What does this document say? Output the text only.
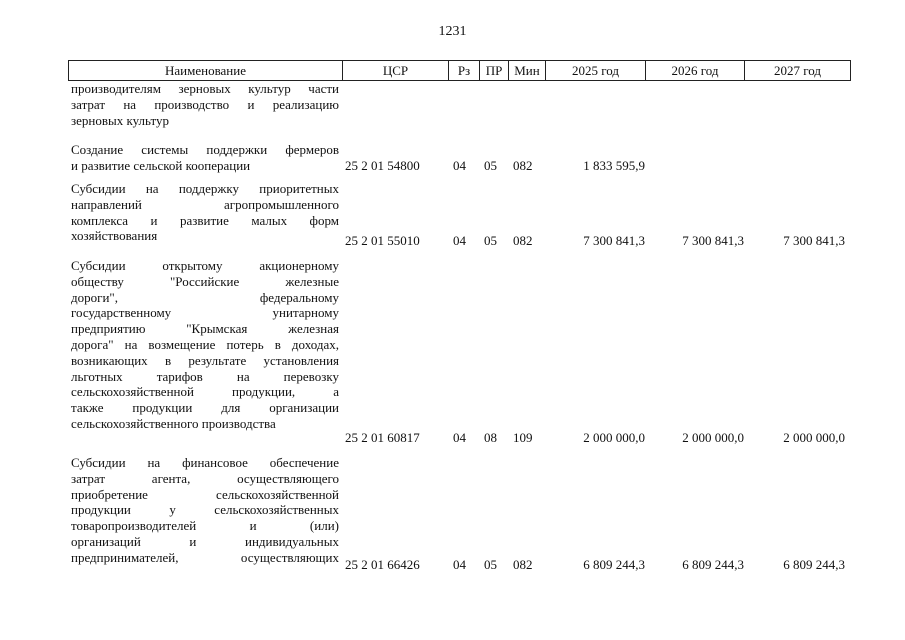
1231
Наименование	ЦСР	Рз	ПР	Мин	2025 год	2026 год	2027 год
производителям зерновых культур части
затрат на производство и реализацию
зерновых культур
Создание системы поддержки фермеров
и развитие сельской кооперации	25 2 01 54800	04 05 082	1 833 595,9
Субсидии на поддержку приоритетных
направлений агропромышленного
комплекса и развитие малых форм
хозяйствования	25 2 01 55010	04 05 082	7 300 841,3	7 300 841,3	7 300 841,3
Субсидии открытому акционерному
обществу "Российские железные
дороги", федеральному
государственному унитарному
предприятию "Крымская железная
дорога" на возмещение потерь в доходах,
возникающих в результате установления
льготных тарифов на перевозку
сельскохозяйственной продукции, а
также продукции для организации
сельскохозяйственного производства
25 2 01 60817	04 08 109	2 000 000,0	2 000 000,0	2 000 000,0
Субсидии на финансовое обеспечение
затрат агента, осуществляющего
приобретение сельскохозяйственной
продукции у сельскохозяйственных
товаропроизводителей и (или)
организаций и индивидуальных
предпринимателей, осуществляющих 25 2 01 66426	04 05 082	6 809 244,3	6 809 244,3	6 809 244,3
